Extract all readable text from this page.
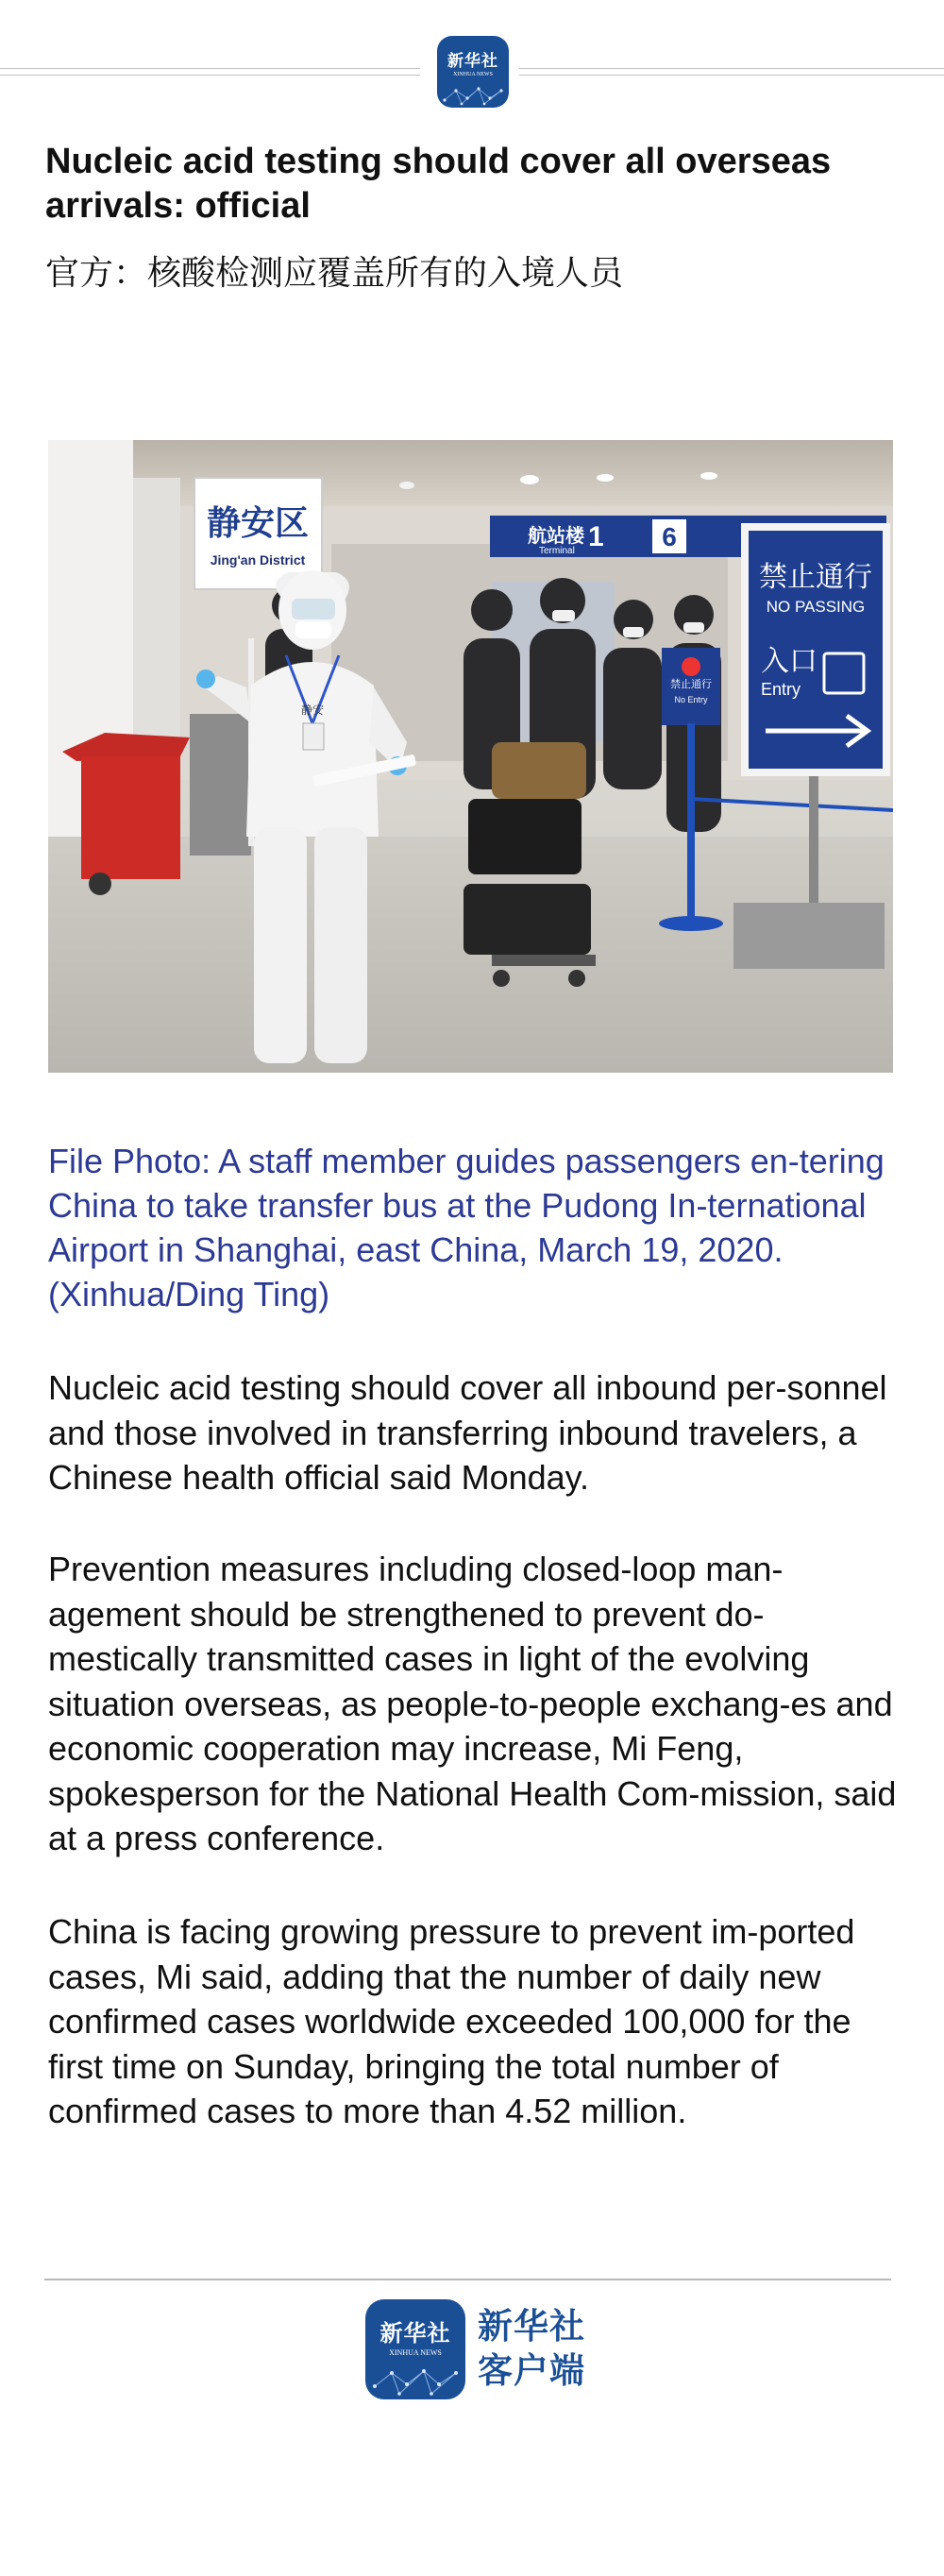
新华社
XINHUA NEWS
Nucleic acid testing should cover all overseas arrivals: official
官方：核酸检测应覆盖所有的入境人员
航站楼 1
Terminal	6
禁止通行
No Entry
禁止通行
NO PASSING
入口
Entry
静安区
Jing'an District
静安
File Photo: A staff member guides passengers en-tering China to take transfer bus at the Pudong In-ternational Airport in Shanghai, east China, March 19, 2020. (Xinhua/Ding Ting)
Nucleic acid testing should cover all inbound per-sonnel and those involved in transferring inbound travelers, a Chinese health official said Monday.
Prevention measures including closed-loop man-agement should be strengthened to prevent do-mestically transmitted cases in light of the evolving situation overseas, as people-to-people exchang-es and economic cooperation may increase, Mi Feng, spokesperson for the National Health Com-mission, said at a press conference.
China is facing growing pressure to prevent im-ported cases, Mi said, adding that the number of daily new confirmed cases worldwide exceeded 100,000 for the first time on Sunday, bringing the total number of confirmed cases to more than 4.52 million.
新华社
XINHUA NEWS
新华社
客户端
